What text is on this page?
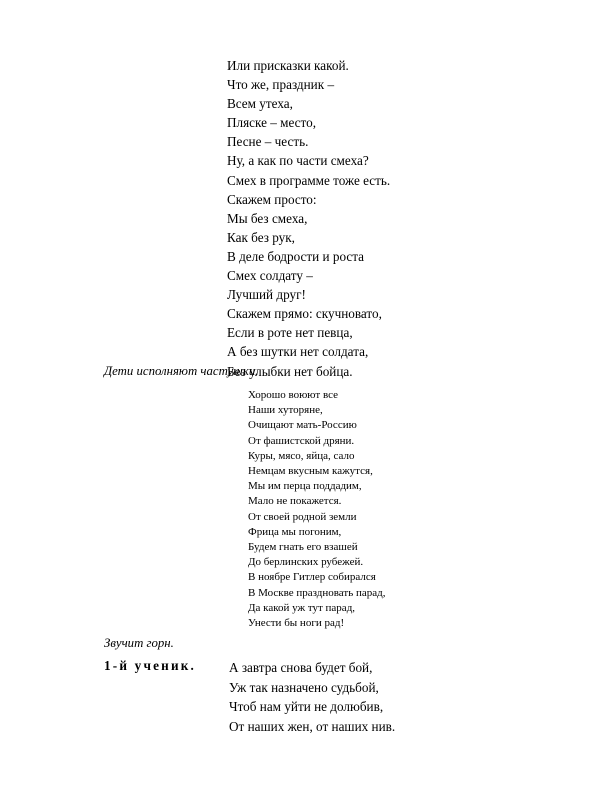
Или присказки какой.
Что же, праздник –
Всем утеха,
Пляске – место,
Песне – честь.
Ну, а как по части смеха?
Смех в программе тоже есть.
Скажем просто:
Мы без смеха,
Как без рук,
В деле бодрости и роста
Смех солдату –
Лучший друг!
Скажем прямо: скучновато,
Если в роте нет певца,
А без шутки нет солдата,
Без улыбки нет бойца.
Дети исполняют частушки.
Хорошо воюют все
Наши хуторяне,
Очищают мать-Россию
От фашистской дряни.
Куры, мясо, яйца, сало
Немцам вкусным кажутся,
Мы им перца поддадим,
Мало не покажется.
От своей родной земли
Фрица мы погоним,
Будем гнать его взашей
До берлинских рубежей.
В ноябре Гитлер собирался
В Москве праздновать парад,
Да какой уж тут парад,
Унести бы ноги рад!
Звучит горн.
1-й ученик. А завтра снова будет бой,
Уж так назначено судьбой,
Чтоб нам уйти не долюбив,
От наших жен, от наших нив.
